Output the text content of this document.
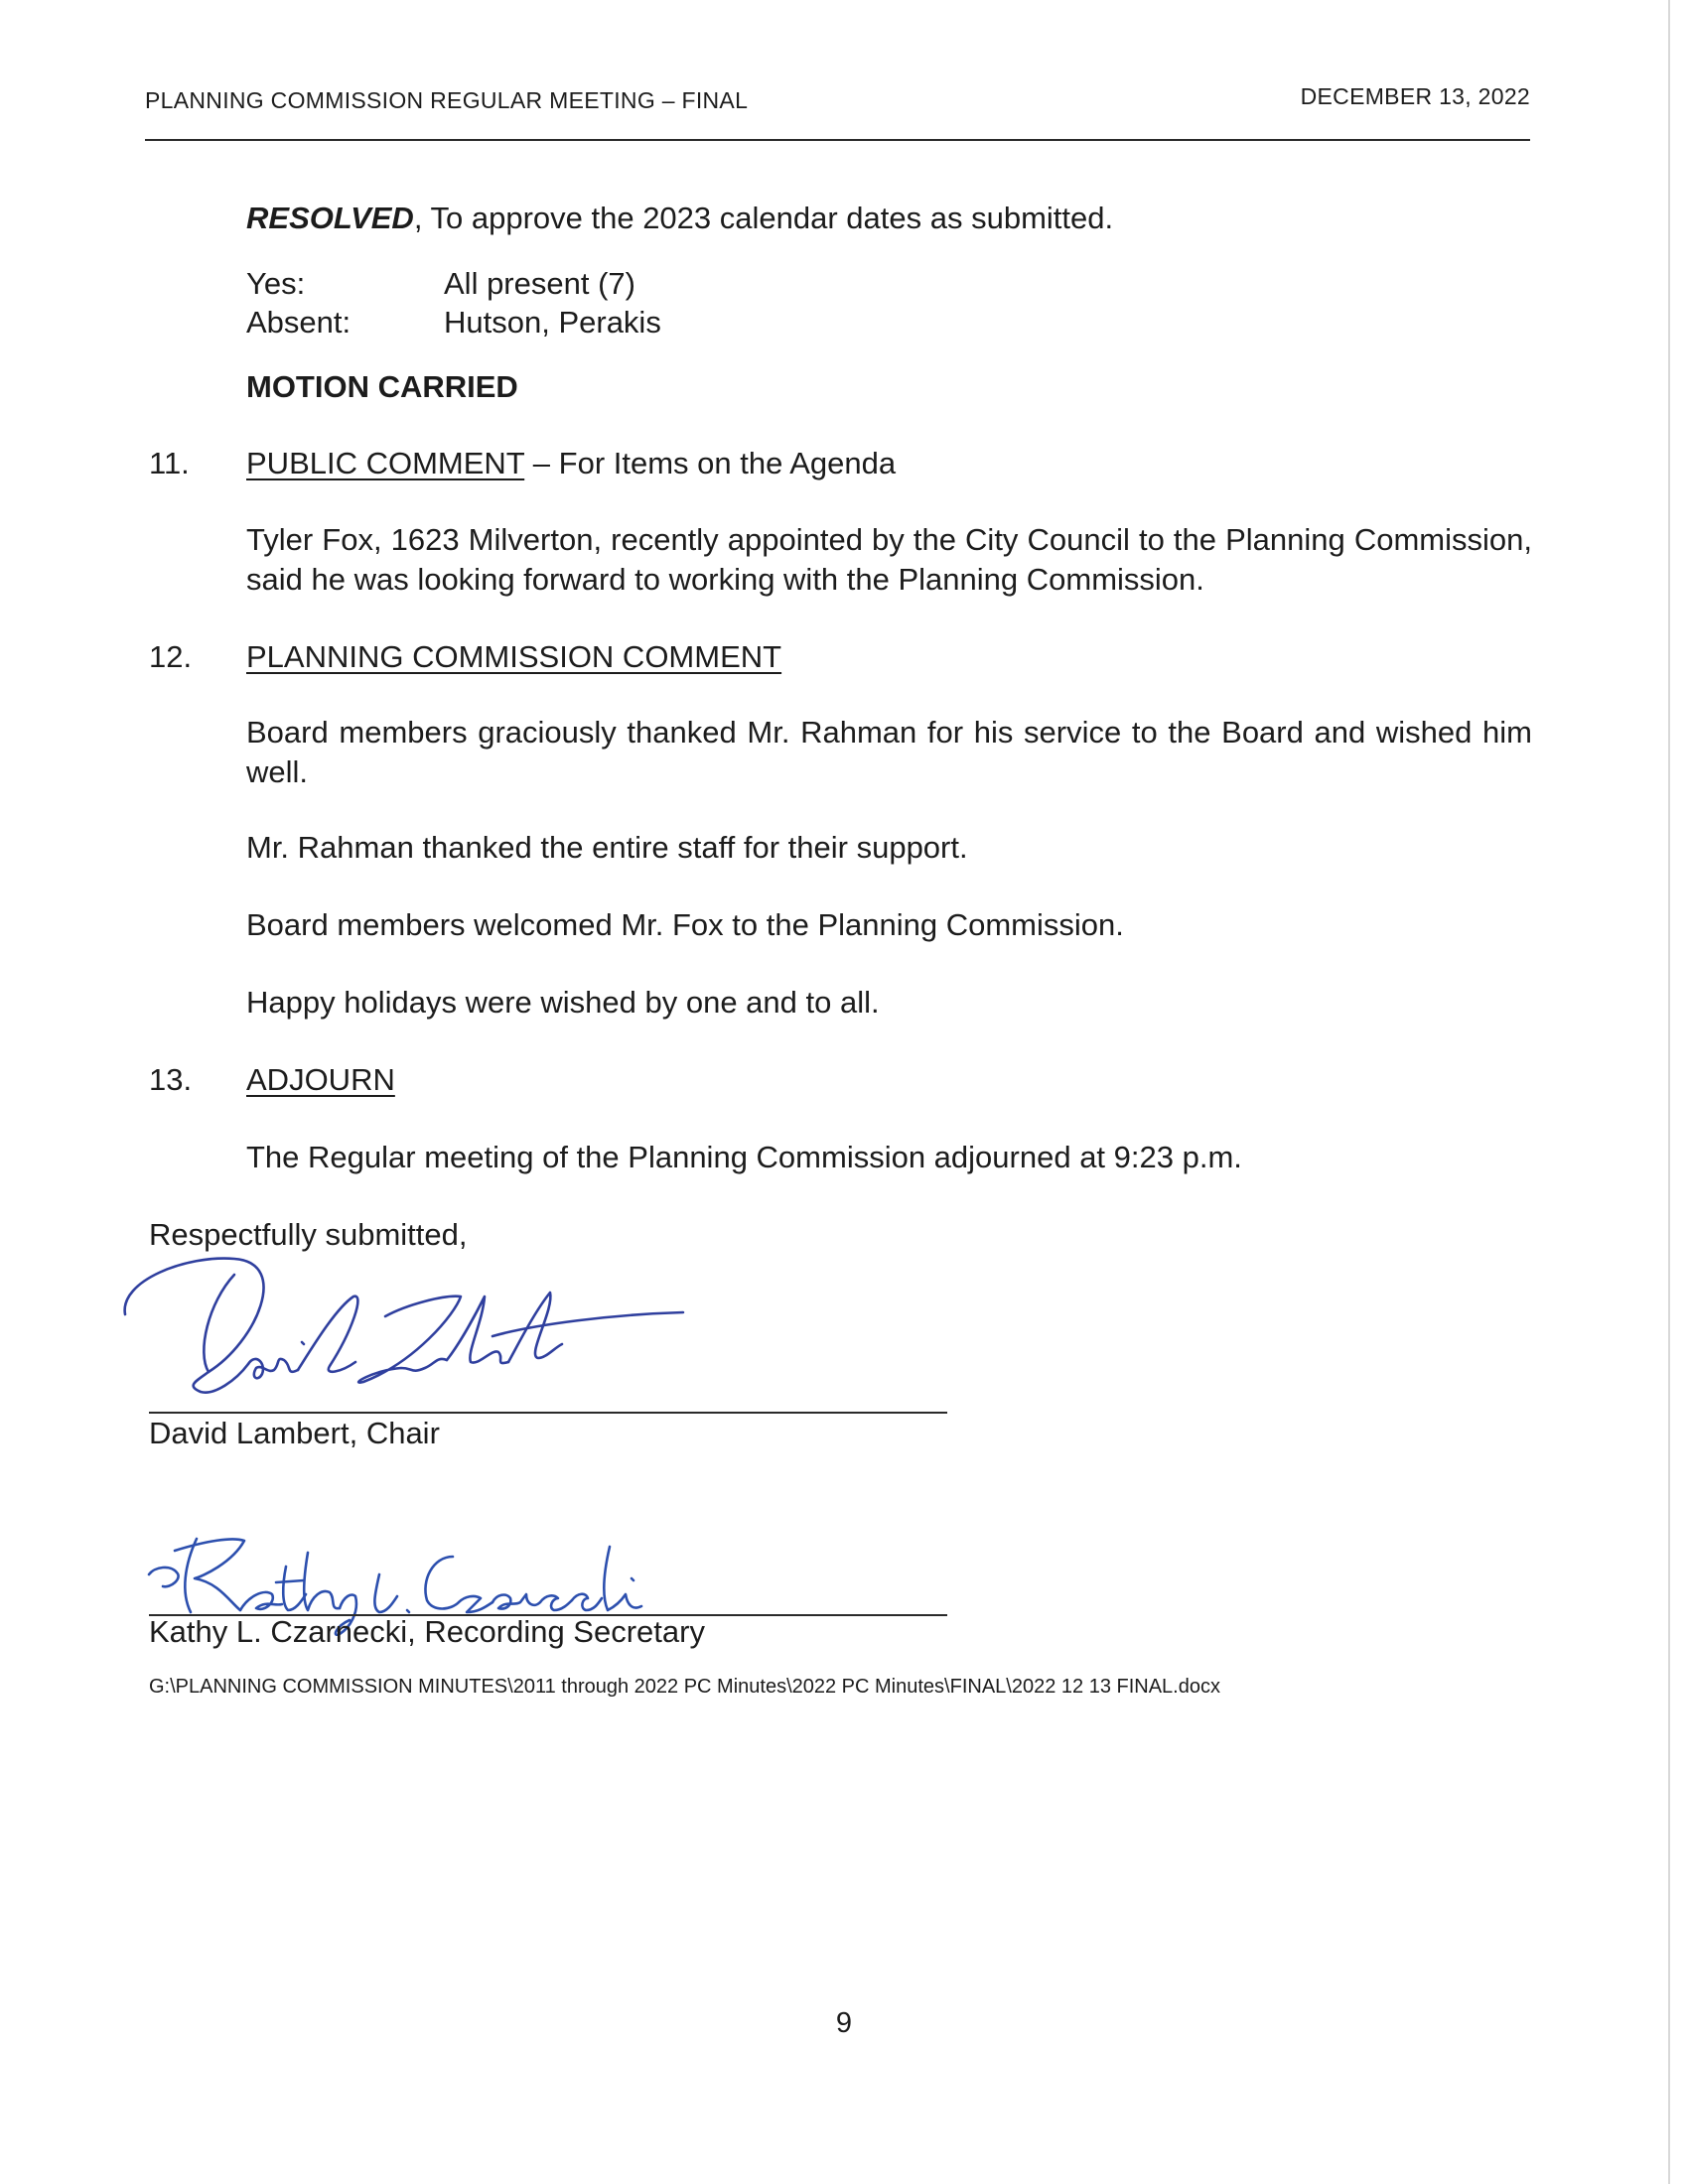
PLANNING COMMISSION REGULAR MEETING – FINAL	DECEMBER 13, 2022
RESOLVED, To approve the 2023 calendar dates as submitted.
Yes:	All present (7)
Absent:	Hutson, Perakis
MOTION CARRIED
11. PUBLIC COMMENT – For Items on the Agenda
Tyler Fox, 1623 Milverton, recently appointed by the City Council to the Planning Commission, said he was looking forward to working with the Planning Commission.
12. PLANNING COMMISSION COMMENT
Board members graciously thanked Mr. Rahman for his service to the Board and wished him well.
Mr. Rahman thanked the entire staff for their support.
Board members welcomed Mr. Fox to the Planning Commission.
Happy holidays were wished by one and to all.
13. ADJOURN
The Regular meeting of the Planning Commission adjourned at 9:23 p.m.
Respectfully submitted,
David Lambert, Chair
Kathy L. Czarnecki, Recording Secretary
G:\PLANNING COMMISSION MINUTES\2011 through 2022 PC Minutes\2022 PC Minutes\FINAL\2022 12 13 FINAL.docx
9
